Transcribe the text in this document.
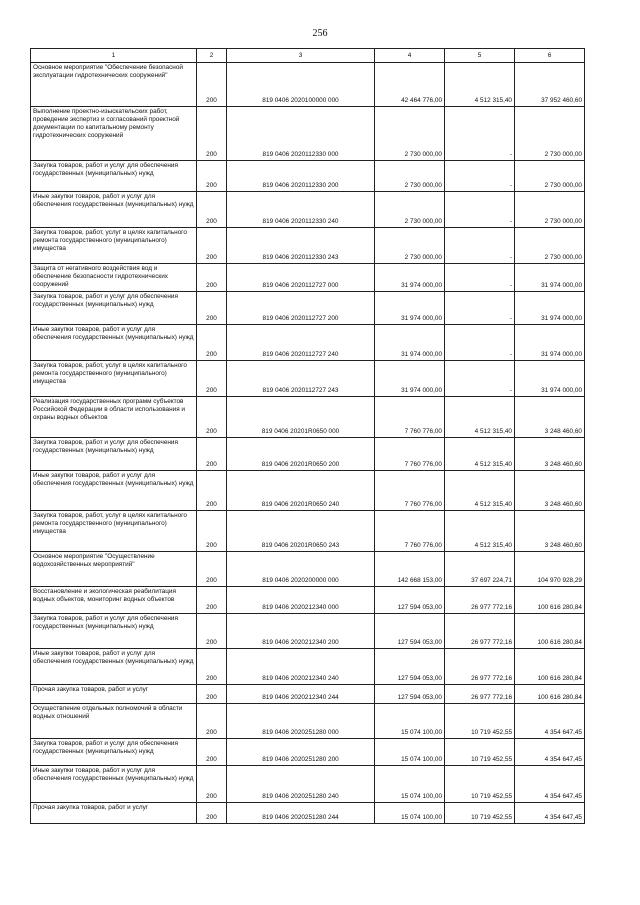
256
1	2	3	4	5	6
Основное мероприятие "Обеспечение безопасной эксплуатации гидротехнических сооружений"	200	819 0406 2020100000 000	42 464 776,00	4 512 315,40	37 952 460,60
Выполнение проектно-изыскательских работ, проведение экспертиз и согласований проектной документации по капитальному ремонту гидротехнических сооружений	200	819 0406 2020112330 000	2 730 000,00	-	2 730 000,00
Закупка товаров, работ и услуг для обеспечения государственных (муниципальных) нужд	200	819 0406 2020112330 200	2 730 000,00	-	2 730 000,00
Иные закупки товаров, работ и услуг для обеспечения государственных (муниципальных) нужд	200	819 0406 2020112330 240	2 730 000,00	-	2 730 000,00
Закупка товаров, работ, услуг в целях капитального ремонта государственного (муниципального) имущества	200	819 0406 2020112330 243	2 730 000,00	-	2 730 000,00
Защита от негативного воздействия вод и обеспечение безопасности гидротехнических сооружений	200	819 0406 2020112727 000	31 974 000,00	-	31 974 000,00
Закупка товаров, работ и услуг для обеспечения государственных (муниципальных) нужд	200	819 0406 2020112727 200	31 974 000,00	-	31 974 000,00
Иные закупки товаров, работ и услуг для обеспечения государственных (муниципальных) нужд	200	819 0406 2020112727 240	31 974 000,00	-	31 974 000,00
Закупка товаров, работ, услуг в целях капитального ремонта государственного (муниципального) имущества	200	819 0406 2020112727 243	31 974 000,00	-	31 974 000,00
Реализация государственных программ субъектов Российской Федерации в области использования и охраны водных объектов	200	819 0406 20201R0650 000	7 760 776,00	4 512 315,40	3 248 460,60
Закупка товаров, работ и услуг для обеспечения государственных (муниципальных) нужд	200	819 0406 20201R0650 200	7 760 776,00	4 512 315,40	3 248 460,60
Иные закупки товаров, работ и услуг для обеспечения государственных (муниципальных) нужд	200	819 0406 20201R0650 240	7 760 776,00	4 512 315,40	3 248 460,60
Закупка товаров, работ, услуг в целях капитального ремонта государственного (муниципального) имущества	200	819 0406 20201R0650 243	7 760 776,00	4 512 315,40	3 248 460,60
Основное мероприятие "Осуществление водохозяйственных мероприятий"	200	819 0406 2020200000 000	142 668 153,00	37 697 224,71	104 970 928,29
Восстановление и экологическая реабилитация водных объектов, мониторинг водных объектов	200	819 0406 2020212340 000	127 594 053,00	26 977 772,16	100 616 280,84
Закупка товаров, работ и услуг для обеспечения государственных (муниципальных) нужд	200	819 0406 2020212340 200	127 594 053,00	26 977 772,16	100 616 280,84
Иные закупки товаров, работ и услуг для обеспечения государственных (муниципальных) нужд	200	819 0406 2020212340 240	127 594 053,00	26 977 772,16	100 616 280,84
Прочая закупка товаров, работ и услуг	200	819 0406 2020212340 244	127 594 053,00	26 977 772,16	100 616 280,84
Осуществление отдельных полномочий в области водных отношений	200	819 0406 2020251280 000	15 074 100,00	10 719 452,55	4 354 647,45
Закупка товаров, работ и услуг для обеспечения государственных (муниципальных) нужд	200	819 0406 2020251280 200	15 074 100,00	10 719 452,55	4 354 647,45
Иные закупки товаров, работ и услуг для обеспечения государственных (муниципальных) нужд	200	819 0406 2020251280 240	15 074 100,00	10 719 452,55	4 354 647,45
Прочая закупка товаров, работ и услуг	200	819 0406 2020251280 244	15 074 100,00	10 719 452,55	4 354 647,45
